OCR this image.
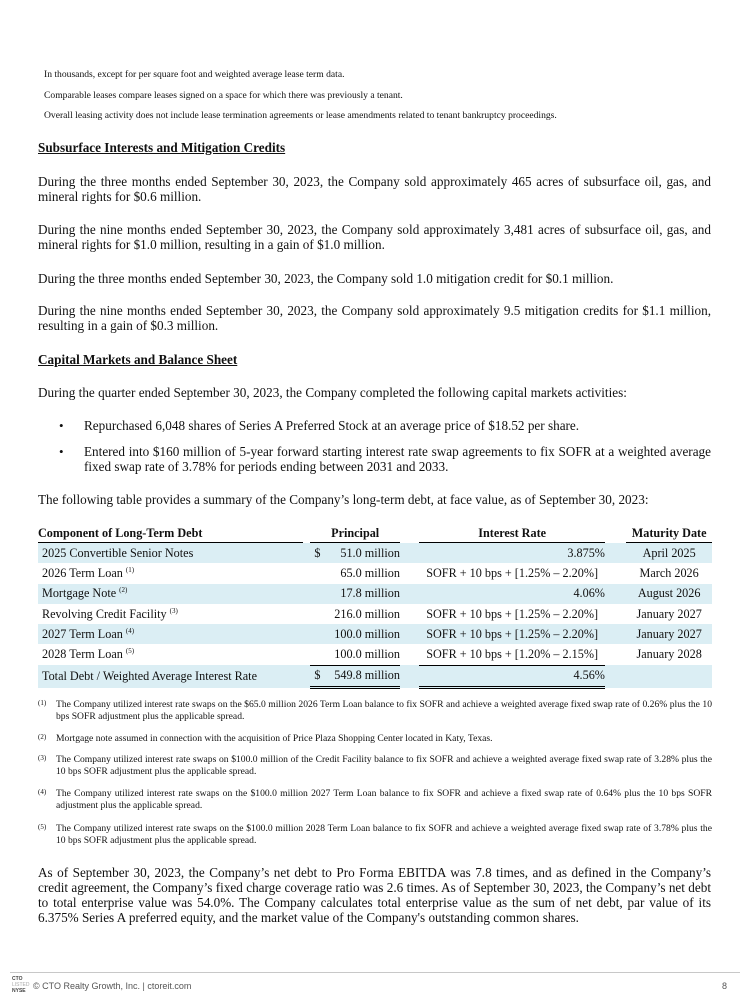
In thousands, except for per square foot and weighted average lease term data.
Comparable leases compare leases signed on a space for which there was previously a tenant.
Overall leasing activity does not include lease termination agreements or lease amendments related to tenant bankruptcy proceedings.
Subsurface Interests and Mitigation Credits
During the three months ended September 30, 2023, the Company sold approximately 465 acres of subsurface oil, gas, and mineral rights for $0.6 million.
During the nine months ended September 30, 2023, the Company sold approximately 3,481 acres of subsurface oil, gas, and mineral rights for $1.0 million, resulting in a gain of $1.0 million.
During the three months ended September 30, 2023, the Company sold 1.0 mitigation credit for $0.1 million.
During the nine months ended September 30, 2023, the Company sold approximately 9.5 mitigation credits for $1.1 million, resulting in a gain of $0.3 million.
Capital Markets and Balance Sheet
During the quarter ended September 30, 2023, the Company completed the following capital markets activities:
• Repurchased 6,048 shares of Series A Preferred Stock at an average price of $18.52 per share.
• Entered into $160 million of 5-year forward starting interest rate swap agreements to fix SOFR at a weighted average fixed swap rate of 3.78% for periods ending between 2031 and 2033.
The following table provides a summary of the Company’s long-term debt, at face value, as of September 30, 2023:
Component of Long-Term Debt		Principal		Interest Rate		Maturity Date

2025 Convertible Senior Notes		$ 51.0 million		3.875%		April 2025
2026 Term Loan $^{(1)}$		65.0 million		SOFR + 10 bps + [1.25% – 2.20%]		March 2026
Mortgage Note $^{(2)}$		17.8 million		4.06%		August 2026
Revolving Credit Facility $^{(3)}$		216.0 million		SOFR + 10 bps + [1.25% – 2.20%]		January 2027
2027 Term Loan $^{(4)}$		100.0 million		SOFR + 10 bps + [1.25% – 2.20%]		January 2027
2028 Term Loan $^{(5)}$		100.0 million		SOFR + 10 bps + [1.20% – 2.15%]		January 2028
Total Debt / Weighted Average Interest Rate		$ 549.8 million		4.56%		
(1) The Company utilized interest rate swaps on the $65.0 million 2026 Term Loan balance to fix SOFR and achieve a weighted average fixed swap rate of 0.26% plus the 10 bps SOFR adjustment plus the applicable spread.
(2) Mortgage note assumed in connection with the acquisition of Price Plaza Shopping Center located in Katy, Texas.
(3) The Company utilized interest rate swaps on $100.0 million of the Credit Facility balance to fix SOFR and achieve a weighted average fixed swap rate of 3.28% plus the 10 bps SOFR adjustment plus the applicable spread.
(4) The Company utilized interest rate swaps on the $100.0 million 2027 Term Loan balance to fix SOFR and achieve a fixed swap rate of 0.64% plus the 10 bps SOFR adjustment plus the applicable spread.
(5) The Company utilized interest rate swaps on the $100.0 million 2028 Term Loan balance to fix SOFR and achieve a weighted average fixed swap rate of 3.78% plus the 10 bps SOFR adjustment plus the applicable spread.
As of September 30, 2023, the Company’s net debt to Pro Forma EBITDA was 7.8 times, and as defined in the Company’s credit agreement, the Company’s fixed charge coverage ratio was 2.6 times. As of September 30, 2023, the Company’s net debt to total enterprise value was 54.0%. The Company calculates total enterprise value as the sum of net debt, par value of its 6.375% Series A preferred equity, and the market value of the Company's outstanding common shares.
CTO
LISTED
NYSE © CTO Realty Growth, Inc. | ctoreit.com	8
